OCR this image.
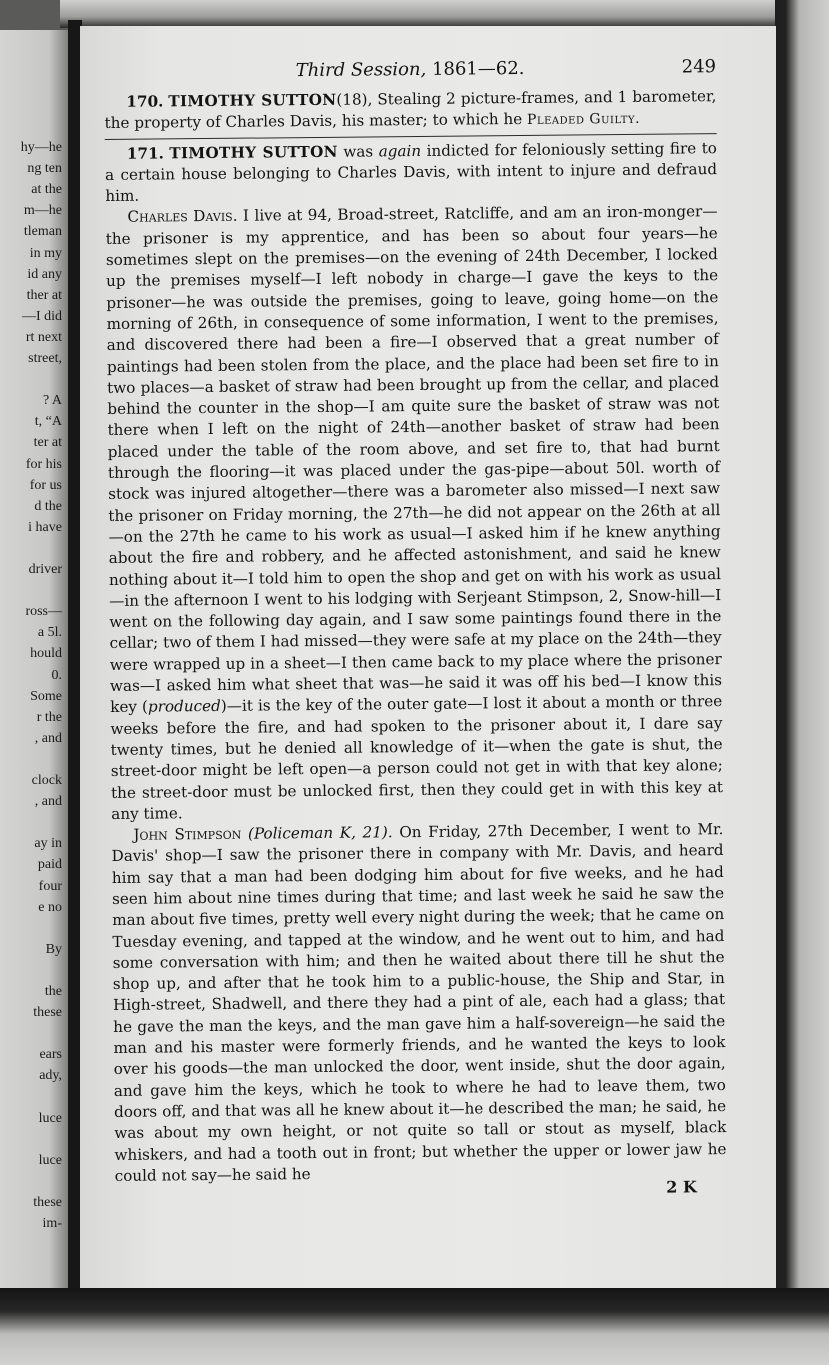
hy—he
ng ten
at the
m—he
tleman
in my
id any
ther at
—I did
rt next
street,
? A
t, “A
ter at
for his
for us
d the
i have
driver
ross—
a 5l.
hould
0.
Some
r the
, and
clock
, and
ay in
paid
four
e no
By
the
these
ears
ady,
luce
luce
these
im-
Third Session, 1861—62.	249

170. TIMOTHY SUTTON(18), Stealing 2 picture-frames, and 1 barometer, the property of Charles Davis, his master; to which he Pleaded Guilty.

171. TIMOTHY SUTTON was again indicted for feloniously setting fire to a certain house belonging to Charles Davis, with intent to injure and defraud him.

Charles Davis. I live at 94, Broad-street, Ratcliffe, and am an iron-monger—the prisoner is my apprentice, and has been so about four years—he sometimes slept on the premises—on the evening of 24th December, I locked up the premises myself—I left nobody in charge—I gave the keys to the prisoner—he was outside the premises, going to leave, going home—on the morning of 26th, in consequence of some information, I went to the premises, and discovered there had been a fire—I observed that a great number of paintings had been stolen from the place, and the place had been set fire to in two places—a basket of straw had been brought up from the cellar, and placed behind the counter in the shop—I am quite sure the basket of straw was not there when I left on the night of 24th—another basket of straw had been placed under the table of the room above, and set fire to, that had burnt through the flooring—it was placed under the gas-pipe—about 50l. worth of stock was injured altogether—there was a barometer also missed—I next saw the prisoner on Friday morning, the 27th—he did not appear on the 26th at all—on the 27th he came to his work as usual—I asked him if he knew anything about the fire and robbery, and he affected astonishment, and said he knew nothing about it—I told him to open the shop and get on with his work as usual—in the afternoon I went to his lodging with Serjeant Stimpson, 2, Snow-hill—I went on the following day again, and I saw some paintings found there in the cellar; two of them I had missed—they were safe at my place on the 24th—they were wrapped up in a sheet—I then came back to my place where the prisoner was—I asked him what sheet that was—he said it was off his bed—I know this key (produced)—it is the key of the outer gate—I lost it about a month or three weeks before the fire, and had spoken to the prisoner about it, I dare say twenty times, but he denied all knowledge of it—when the gate is shut, the street-door might be left open—a person could not get in with that key alone; the street-door must be unlocked first, then they could get in with this key at any time.

John Stimpson (Policeman K, 21). On Friday, 27th December, I went to Mr. Davis' shop—I saw the prisoner there in company with Mr. Davis, and heard him say that a man had been dodging him about for five weeks, and he had seen him about nine times during that time; and last week he said he saw the man about five times, pretty well every night during the week; that he came on Tuesday evening, and tapped at the window, and he went out to him, and had some conversation with him; and then he waited about there till he shut the shop up, and after that he took him to a public-house, the Ship and Star, in High-street, Shadwell, and there they had a pint of ale, each had a glass; that he gave the man the keys, and the man gave him a half-sovereign—he said the man and his master were formerly friends, and he wanted the keys to look over his goods—the man unlocked the door, went inside, shut the door again, and gave him the keys, which he took to where he had to leave them, two doors off, and that was all he knew about it—he described the man; he said, he was about my own height, or not quite so tall or stout as myself, black whiskers, and had a tooth out in front; but whether the upper or lower jaw he could not say—he said he

2 K
